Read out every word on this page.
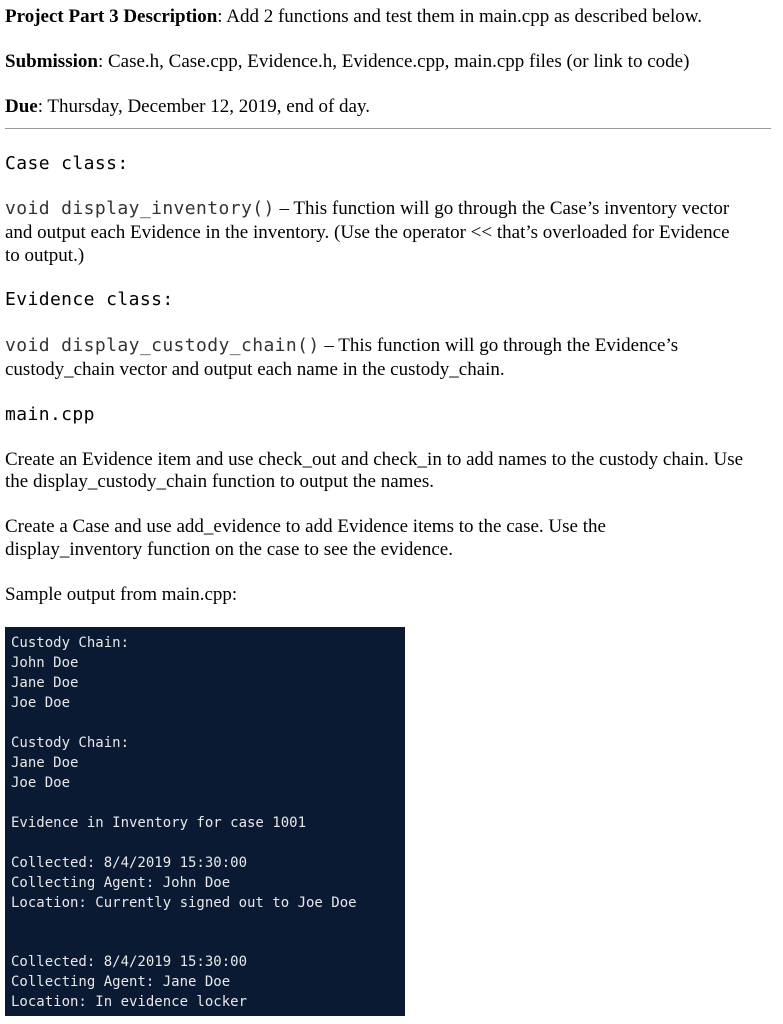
Project Part 3 Description: Add 2 functions and test them in main.cpp as described below.
Submission: Case.h, Case.cpp, Evidence.h, Evidence.cpp, main.cpp files (or link to code)
Due: Thursday, December 12, 2019, end of day.
Case class:
void display_inventory() – This function will go through the Case’s inventory vector
and output each Evidence in the inventory. (Use the operator << that’s overloaded for Evidence
to output.)
Evidence class:
void display_custody_chain() – This function will go through the Evidence’s
custody_chain vector and output each name in the custody_chain.
main.cpp
Create an Evidence item and use check_out and check_in to add names to the custody chain. Use
the display_custody_chain function to output the names.
Create a Case and use add_evidence to add Evidence items to the case. Use the
display_inventory function on the case to see the evidence.
Sample output from main.cpp:
Custody Chain:
John Doe
Jane Doe
Joe Doe
Custody Chain:
Jane Doe
Joe Doe
Evidence in Inventory for case 1001
Collected: 8/4/2019 15:30:00
Collecting Agent: John Doe
Location: Currently signed out to Joe Doe
Collected: 8/4/2019 15:30:00
Collecting Agent: Jane Doe
Location: In evidence locker
